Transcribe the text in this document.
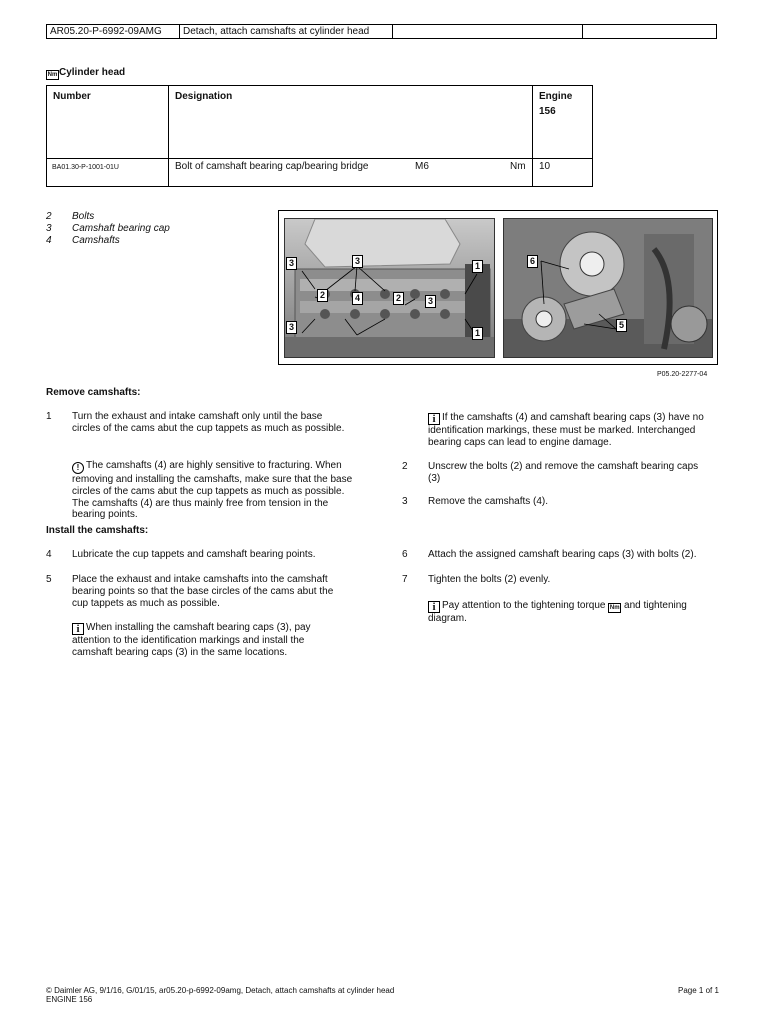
AR05.20-P-6992-09AMG	Detach, attach camshafts at cylinder head
Nm Cylinder head
Number	Designation	Engine
156
BA01.30-P-1001-01U	Bolt of camshaft bearing cap/bearing bridge	M6	Nm 10
2 Bolts
3 Camshaft bearing cap
4 Camshafts
3	3	1
2	4	2	3
3
1
6
5
P05.20-2277-04
Remove camshafts:
1 Turn the exhaust and intake camshaft only until the base circles of the cams abut the cup tappets as much as possible.
! The camshafts (4) are highly sensitive to fracturing. When removing and installing the camshafts, make sure that the base circles of the cams abut the cup tappets as much as possible. The camshafts (4) are thus mainly free from tension in the bearing points.
i If the camshafts (4) and camshaft bearing caps (3) have no identification markings, these must be marked. Interchanged bearing caps can lead to engine damage.
2 Unscrew the bolts (2) and remove the camshaft bearing caps (3)
3 Remove the camshafts (4).
Install the camshafts:
4 Lubricate the cup tappets and camshaft bearing points.
5 Place the exhaust and intake camshafts into the camshaft bearing points so that the base circles of the cams abut the cup tappets as much as possible.
i When installing the camshaft bearing caps (3), pay attention to the identification markings and install the camshaft bearing caps (3) in the same locations.
6 Attach the assigned camshaft bearing caps (3) with bolts (2).
7 Tighten the bolts (2) evenly.
i Pay attention to the tightening torque Nm and tightening diagram.
© Daimler AG, 9/1/16, G/01/15, ar05.20-p-6992-09amg, Detach, attach camshafts at cylinder head
ENGINE 156
Page 1 of 1
